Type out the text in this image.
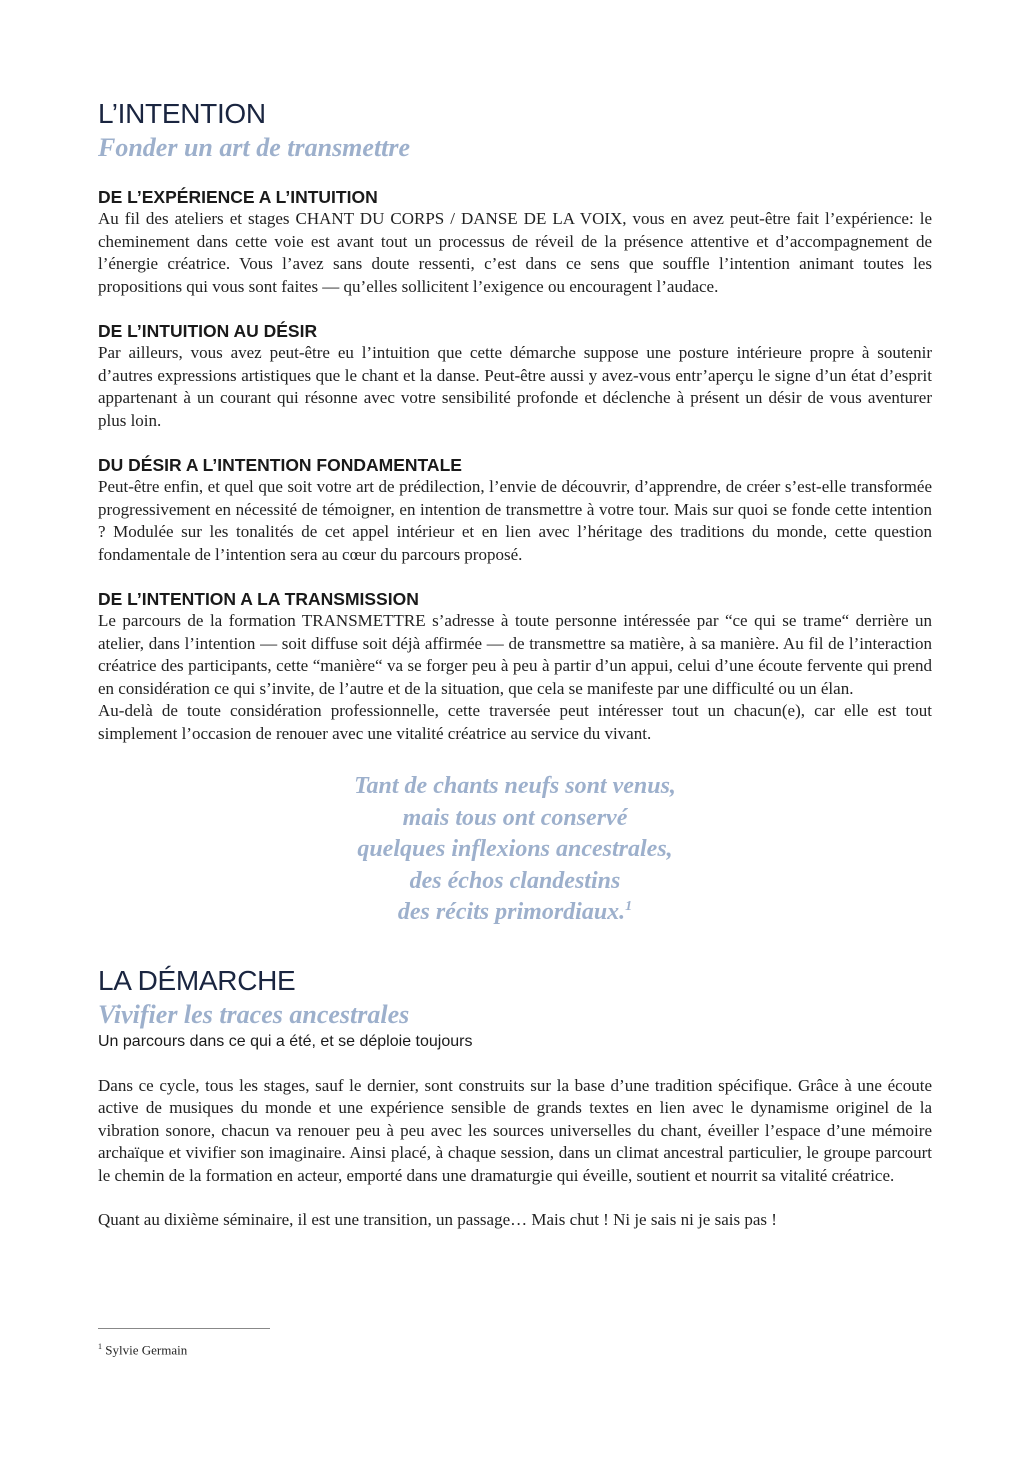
L’INTENTION

Fonder un art de transmettre

DE L’EXPÉRIENCE A L’INTUITION

Au fil des ateliers et stages CHANT DU CORPS / DANSE DE LA VOIX, vous en avez peut-être fait l’expérience: le cheminement dans cette voie est avant tout un processus de réveil de la présence attentive et d’accompagnement de l’énergie créatrice. Vous l’avez sans doute ressenti, c’est dans ce sens que souffle l’intention animant toutes les propositions qui vous sont faites — qu’elles sollicitent l’exigence ou encouragent l’audace.

DE L’INTUITION AU DÉSIR

Par ailleurs, vous avez peut-être eu l’intuition que cette démarche suppose une posture intérieure propre à soutenir d’autres expressions artistiques que le chant et la danse. Peut-être aussi y avez-vous entr’aperçu le signe d’un état d’esprit appartenant à un courant qui résonne avec votre sensibilité profonde et déclenche à présent un désir de vous aventurer plus loin.

DU DÉSIR A L’INTENTION FONDAMENTALE

Peut-être enfin, et quel que soit votre art de prédilection, l’envie de découvrir, d’apprendre, de créer s’est-elle transformée progressivement en nécessité de témoigner, en intention de transmettre à votre tour. Mais sur quoi se fonde cette intention ? Modulée sur les tonalités de cet appel intérieur et en lien avec l’héritage des traditions du monde, cette question fondamentale de l’intention sera au cœur du parcours proposé.

DE L’INTENTION A LA TRANSMISSION

Le parcours de la formation TRANSMETTRE s’adresse à toute personne intéressée par “ce qui se trame“ derrière un atelier, dans l’intention — soit diffuse soit déjà affirmée — de transmettre sa matière, à sa manière. Au fil de l’interaction créatrice des participants, cette “manière“ va se forger peu à peu à partir d’un appui, celui d’une écoute fervente qui prend en considération ce qui s’invite, de l’autre et de la situation, que cela se manifeste par une difficulté ou un élan.

Au-delà de toute considération professionnelle, cette traversée peut intéresser tout un chacun(e), car elle est tout simplement l’occasion de renouer avec une vitalité créatrice au service du vivant.

Tant de chants neufs sont venus,

mais tous ont conservé

quelques inflexions ancestrales,

des échos clandestins

des récits primordiaux.$^1$

LA DÉMARCHE

Vivifier les traces ancestrales

Un parcours dans ce qui a été, et se déploie toujours

Dans ce cycle, tous les stages, sauf le dernier, sont construits sur la base d’une tradition spécifique. Grâce à une écoute active de musiques du monde et une expérience sensible de grands textes en lien avec le dynamisme originel de la vibration sonore, chacun va renouer peu à peu avec les sources universelles du chant, éveiller l’espace d’une mémoire archaïque et vivifier son imaginaire. Ainsi placé, à chaque session, dans un climat ancestral particulier, le groupe parcourt le chemin de la formation en acteur, emporté dans une dramaturgie qui éveille, soutient et nourrit sa vitalité créatrice.

Quant au dixième séminaire, il est une transition, un passage… Mais chut ! Ni je sais ni je sais pas !

$^1$ Sylvie Germain
